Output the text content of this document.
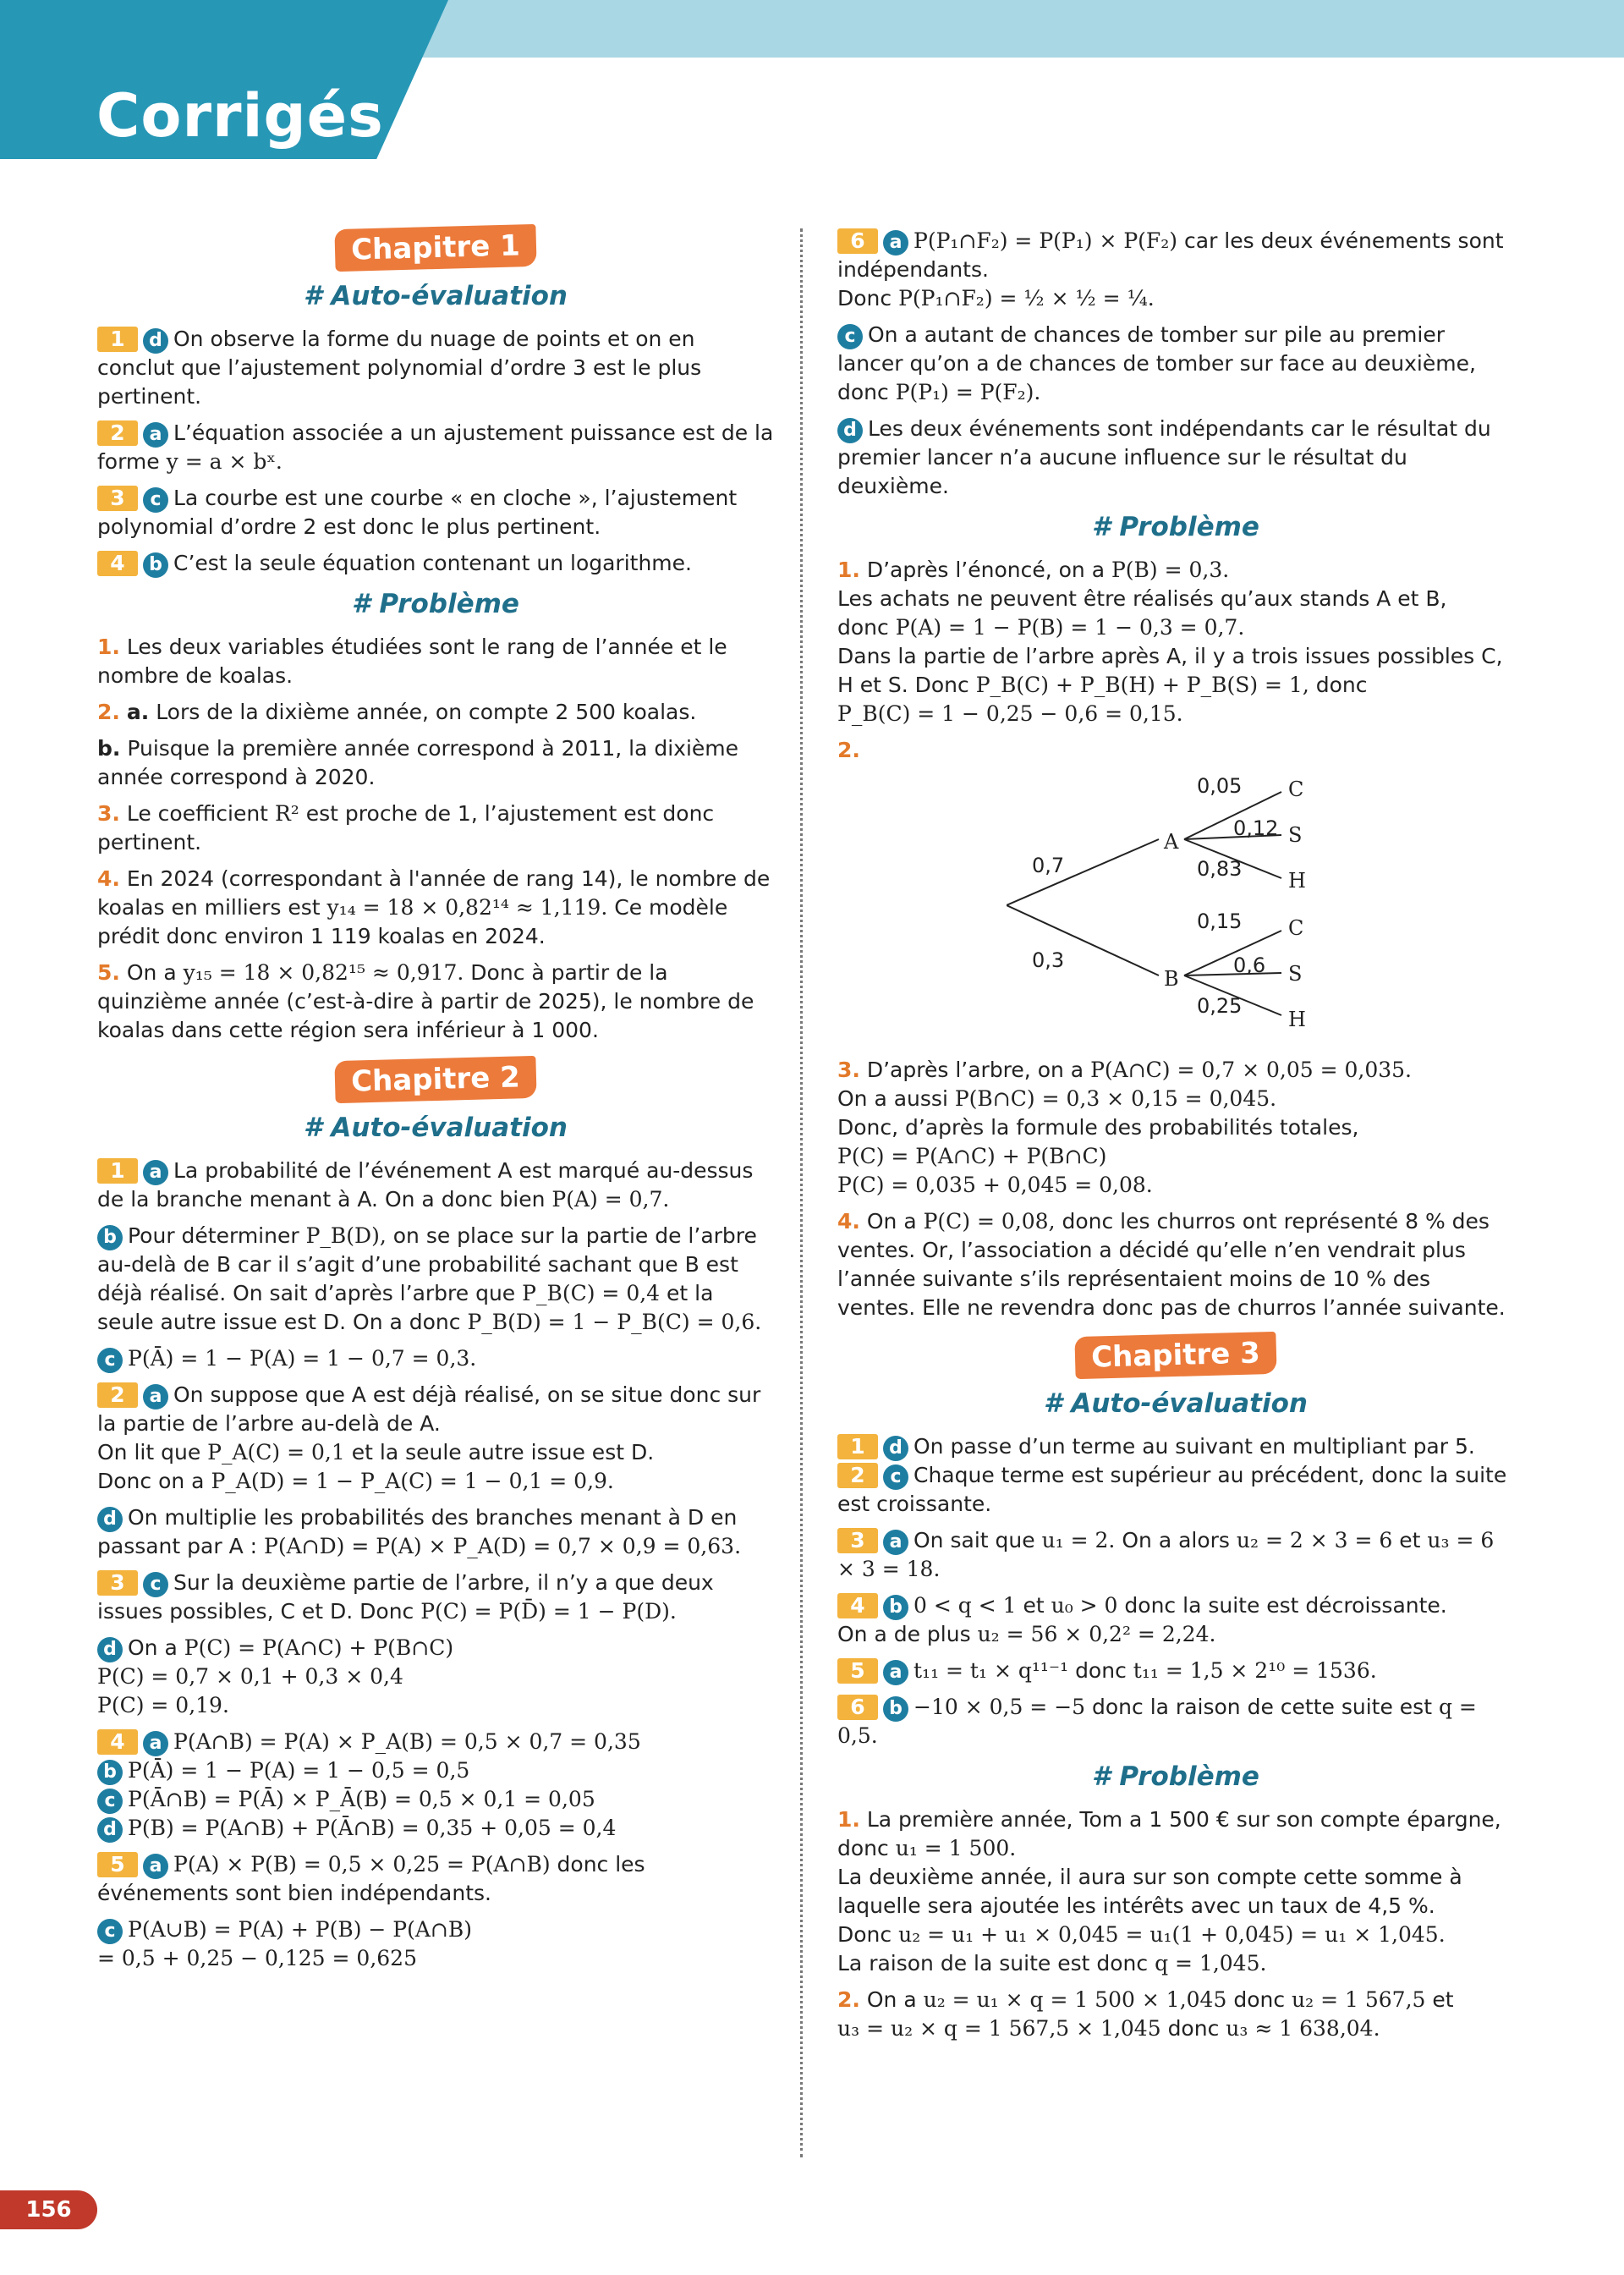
Corrigés
Chapitre 1
# Auto-évaluation

1 d On observe la forme du nuage de points et on en conclut que l’ajustement polynomial d’ordre 3 est le plus pertinent.

2 a L’équation associée a un ajustement puissance est de la forme y = a × bˣ.

3 c La courbe est une courbe « en cloche », l’ajustement polynomial d’ordre 2 est donc le plus pertinent.

4 b C’est la seule équation contenant un logarithme.

# Problème

1. Les deux variables étudiées sont le rang de l’année et le nombre de koalas.

2. a. Lors de la dixième année, on compte 2 500 koalas.

b. Puisque la première année correspond à 2011, la dixième année correspond à 2020.

3. Le coefficient R² est proche de 1, l’ajustement est donc pertinent.

4. En 2024 (correspondant à l'année de rang 14), le nombre de koalas en milliers est y₁₄ = 18 × 0,82¹⁴ ≈ 1,119. Ce modèle prédit donc environ 1 119 koalas en 2024.

5. On a y₁₅ = 18 × 0,82¹⁵ ≈ 0,917. Donc à partir de la quinzième année (c’est-à-dire à partir de 2025), le nombre de koalas dans cette région sera inférieur à 1 000.

Chapitre 2
# Auto-évaluation

1 a La probabilité de l’événement A est marqué au-dessus de la branche menant à A. On a donc bien P(A) = 0,7.

b Pour déterminer P_B(D), on se place sur la partie de l’arbre au-delà de B car il s’agit d’une probabilité sachant que B est déjà réalisé. On sait d’après l’arbre que P_B(C) = 0,4 et la seule autre issue est D. On a donc P_B(D) = 1 − P_B(C) = 0,6.

c P(Ā) = 1 − P(A) = 1 − 0,7 = 0,3.

2 a On suppose que A est déjà réalisé, on se situe donc sur la partie de l’arbre au-delà de A.
On lit que P_A(C) = 0,1 et la seule autre issue est D.
Donc on a P_A(D) = 1 − P_A(C) = 1 − 0,1 = 0,9.

d On multiplie les probabilités des branches menant à D en passant par A : P(A∩D) = P(A) × P_A(D) = 0,7 × 0,9 = 0,63.

3 c Sur la deuxième partie de l’arbre, il n’y a que deux issues possibles, C et D. Donc P(C) = P(D̄) = 1 − P(D).

d On a P(C) = P(A∩C) + P(B∩C)
P(C) = 0,7 × 0,1 + 0,3 × 0,4
P(C) = 0,19.

4 a P(A∩B) = P(A) × P_A(B) = 0,5 × 0,7 = 0,35

b P(Ā) = 1 − P(A) = 1 − 0,5 = 0,5

c P(Ā∩B) = P(Ā) × P_Ā(B) = 0,5 × 0,1 = 0,05

d P(B) = P(A∩B) + P(Ā∩B) = 0,35 + 0,05 = 0,4

5 a P(A) × P(B) = 0,5 × 0,25 = P(A∩B) donc les événements sont bien indépendants.

c P(A∪B) = P(A) + P(B) − P(A∩B)
= 0,5 + 0,25 − 0,125 = 0,625

6 a P(P₁∩F₂) = P(P₁) × P(F₂) car les deux événements sont indépendants.
Donc P(P₁∩F₂) = ½ × ½ = ¼.

c On a autant de chances de tomber sur pile au premier lancer qu’on a de chances de tomber sur face au deuxième, donc P(P₁) = P(F₂).

d Les deux événements sont indépendants car le résultat du premier lancer n’a aucune influence sur le résultat du deuxième.

# Problème

1. D’après l’énoncé, on a P(B) = 0,3.
Les achats ne peuvent être réalisés qu’aux stands A et B,
donc P(A) = 1 − P(B) = 1 − 0,3 = 0,7.
Dans la partie de l’arbre après A, il y a trois issues possibles C, H et S. Donc P_B(C) + P_B(H) + P_B(S) = 1, donc
P_B(C) = 1 − 0,25 − 0,6 = 0,15.

2.

0,7
0,3
A
B
0,05
0,12
0,83
C
S
H
0,15
0,6
0,25
C
S
H

3. D’après l’arbre, on a P(A∩C) = 0,7 × 0,05 = 0,035.
On a aussi P(B∩C) = 0,3 × 0,15 = 0,045.
Donc, d’après la formule des probabilités totales,
P(C) = P(A∩C) + P(B∩C)
P(C) = 0,035 + 0,045 = 0,08.

4. On a P(C) = 0,08, donc les churros ont représenté 8 % des ventes. Or, l’association a décidé qu’elle n’en vendrait plus l’année suivante s’ils représentaient moins de 10 % des ventes. Elle ne revendra donc pas de churros l’année suivante.

Chapitre 3
# Auto-évaluation

1 d On passe d’un terme au suivant en multipliant par 5.

2 c Chaque terme est supérieur au précédent, donc la suite est croissante.

3 a On sait que u₁ = 2. On a alors u₂ = 2 × 3 = 6 et u₃ = 6 × 3 = 18.

4 b 0 < q < 1 et u₀ > 0 donc la suite est décroissante.
On a de plus u₂ = 56 × 0,2² = 2,24.

5 a t₁₁ = t₁ × q¹¹⁻¹ donc t₁₁ = 1,5 × 2¹⁰ = 1536.

6 b −10 × 0,5 = −5 donc la raison de cette suite est q = 0,5.

# Problème

1. La première année, Tom a 1 500 € sur son compte épargne, donc u₁ = 1 500.
La deuxième année, il aura sur son compte cette somme à laquelle sera ajoutée les intérêts avec un taux de 4,5 %.
Donc u₂ = u₁ + u₁ × 0,045 = u₁(1 + 0,045) = u₁ × 1,045.
La raison de la suite est donc q = 1,045.

2. On a u₂ = u₁ × q = 1 500 × 1,045 donc u₂ = 1 567,5 et
u₃ = u₂ × q = 1 567,5 × 1,045 donc u₃ ≈ 1 638,04.

156
